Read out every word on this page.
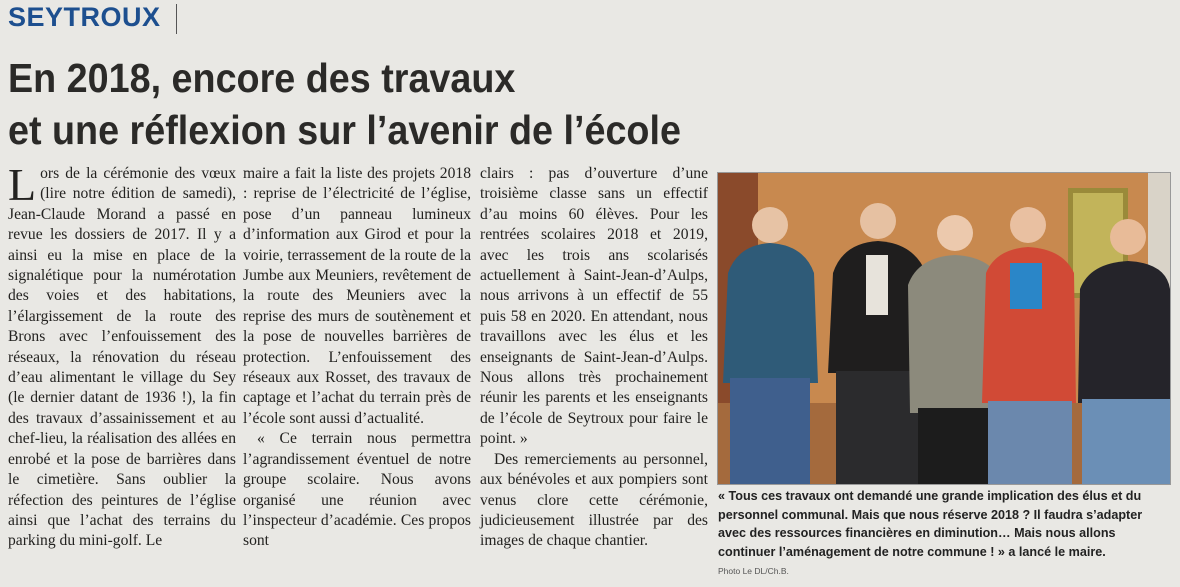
SEYTROUX
En 2018, encore des travaux
et une réflexion sur l’avenir de l’école

Lors de la cérémonie des vœux (lire notre édition de samedi), Jean-Claude Morand a passé en revue les dossiers de 2017. Il y a ainsi eu la mise en place de la signalétique pour la numérotation des voies et des habitations, l’élargissement de la route des Brons avec l’enfouissement des réseaux, la rénovation du réseau d’eau alimentant le village du Sey (le dernier datant de 1936 !), la fin des travaux d’assainissement et au chef-lieu, la réalisation des allées en enrobé et la pose de barrières dans le cimetière. Sans oublier la réfection des peintures de l’église ainsi que l’achat des terrains du parking du mini-golf. Le

maire a fait la liste des projets 2018 : reprise de l’électricité de l’église, pose d’un panneau lumineux d’information aux Girod et pour la voirie, terrassement de la route de la Jumbe aux Meuniers, revêtement de la route des Meuniers avec la reprise des murs de soutènement et la pose de nouvelles barrières de protection. L’enfouissement des réseaux aux Rosset, des travaux de captage et l’achat du terrain près de l’école sont aussi d’actualité.

« Ce terrain nous permettra l’agrandissement éventuel de notre groupe scolaire. Nous avons organisé une réunion avec l’inspecteur d’académie. Ces propos sont

clairs : pas d’ouverture d’une troisième classe sans un effectif d’au moins 60 élèves. Pour les rentrées scolaires 2018 et 2019, avec les trois ans scolarisés actuellement à Saint-Jean-d’Aulps, nous arrivons à un effectif de 55 puis 58 en 2020. En attendant, nous travaillons avec les élus et les enseignants de Saint-Jean-d’Aulps. Nous allons très prochainement réunir les parents et les enseignants de l’école de Seytroux pour faire le point. »

Des remerciements au personnel, aux bénévoles et aux pompiers sont venus clore cette cérémonie, judicieusement illustrée par des images de chaque chantier.

« Tous ces travaux ont demandé une grande implication des élus et du personnel communal. Mais que nous réserve 2018 ? Il faudra s’adapter avec des ressources financières en diminution… Mais nous allons continuer l’aménagement de notre commune ! » a lancé le maire.
Photo Le DL/Ch.B.
